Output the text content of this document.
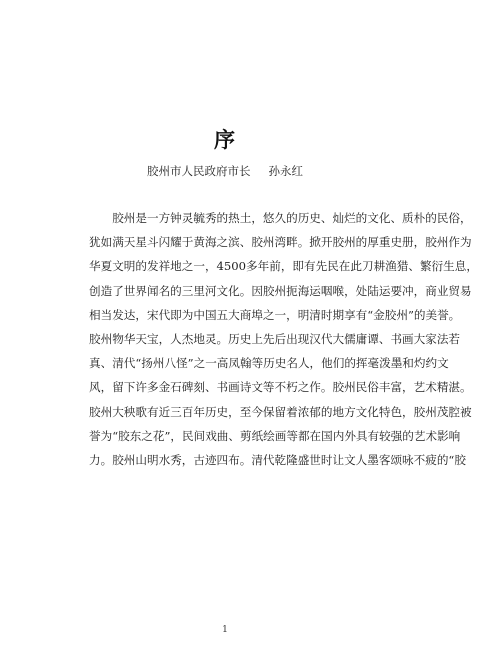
序
胶州市人民政府市长 孙永红
　　胶州是一方钟灵毓秀的热土，悠久的历史、灿烂的文化、质朴的民俗，
犹如满天星斗闪耀于黄海之滨、胶州湾畔。掀开胶州的厚重史册，胶州作为
华夏文明的发祥地之一，4500多年前，即有先民在此刀耕渔猎、繁衍生息，
创造了世界闻名的三里河文化。因胶州扼海运咽喉，处陆运要冲，商业贸易
相当发达，宋代即为中国五大商埠之一，明清时期享有“金胶州”的美誉。
胶州物华天宝，人杰地灵。历史上先后出现汉代大儒庸谭、书画大家法若
真、清代“扬州八怪”之一高凤翰等历史名人，他们的挥毫泼墨和灼约文
风，留下许多金石碑刻、书画诗文等不朽之作。胶州民俗丰富，艺术精湛。
胶州大秧歌有近三百年历史，至今保留着浓郁的地方文化特色，胶州茂腔被
誉为“胶东之花”，民间戏曲、剪纸绘画等都在国内外具有较强的艺术影响
力。胶州山明水秀，古迹四布。清代乾隆盛世时让文人墨客颂咏不疲的“胶
1
